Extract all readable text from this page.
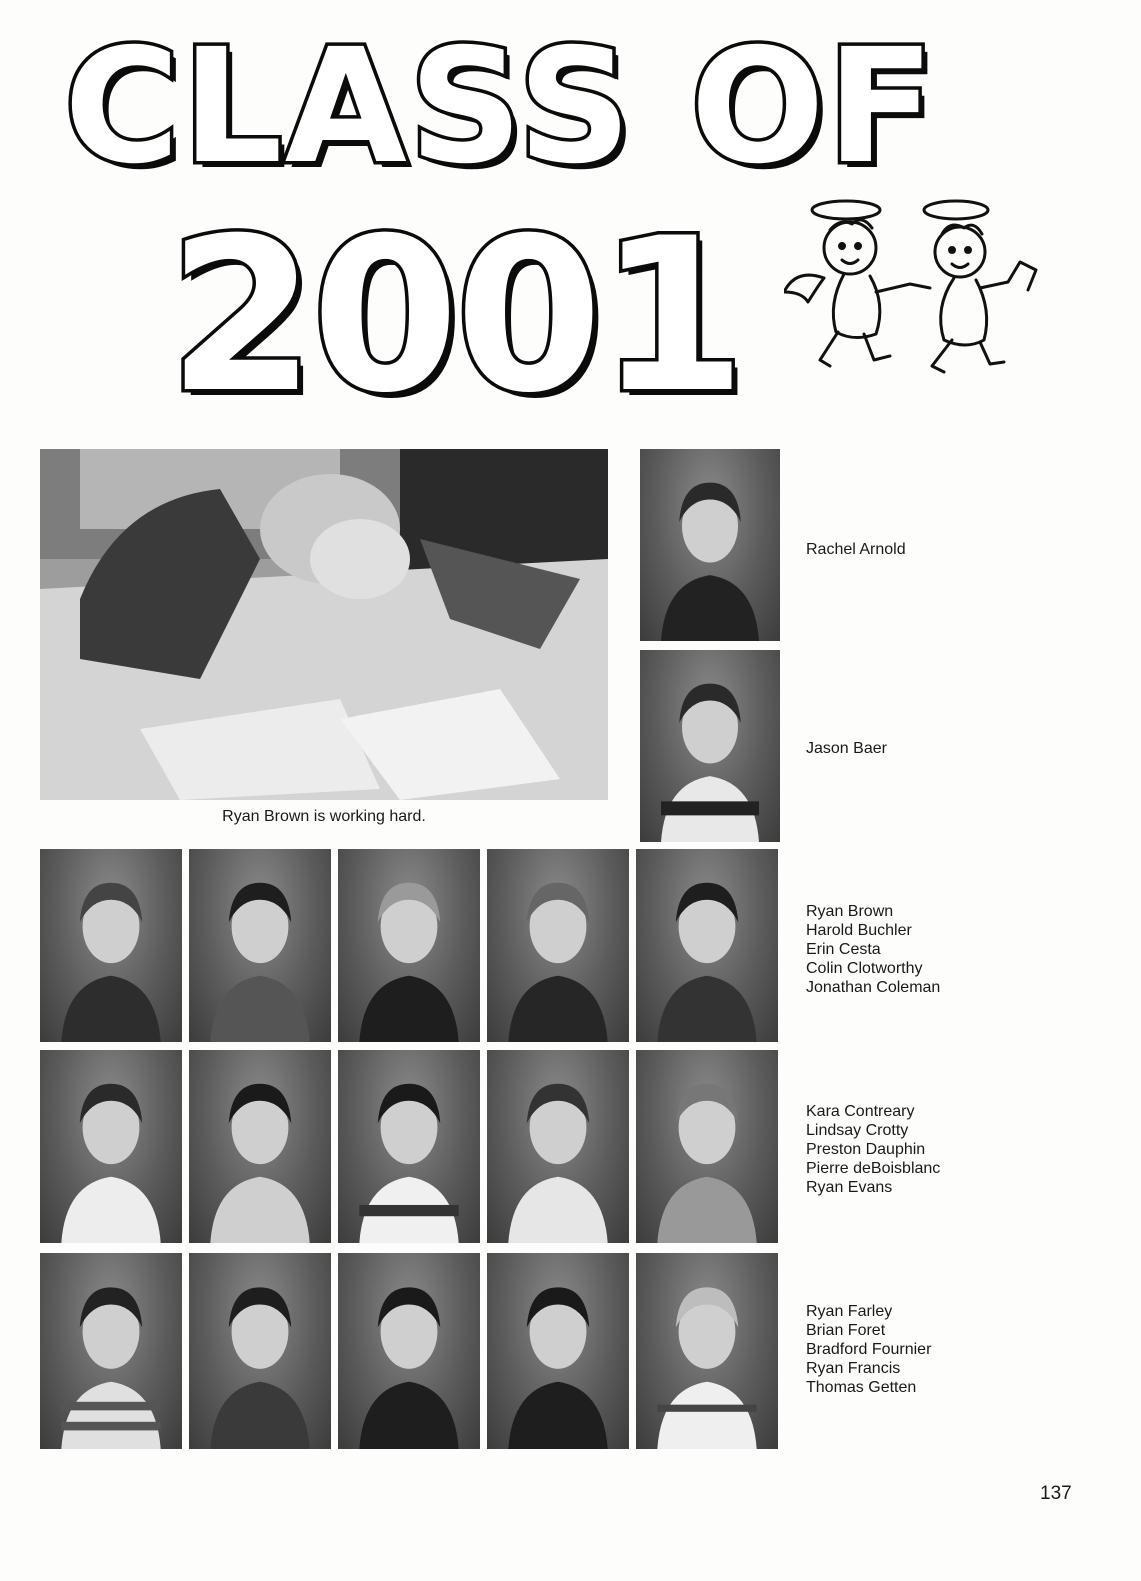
CLASS OF
2001
Ryan Brown is working hard.
Rachel Arnold
Jason Baer
Ryan Brown
Harold Buchler
Erin Cesta
Colin Clotworthy
Jonathan Coleman
Kara Contreary
Lindsay Crotty
Preston Dauphin
Pierre deBoisblanc
Ryan Evans
Ryan Farley
Brian Foret
Bradford Fournier
Ryan Francis
Thomas Getten
137
